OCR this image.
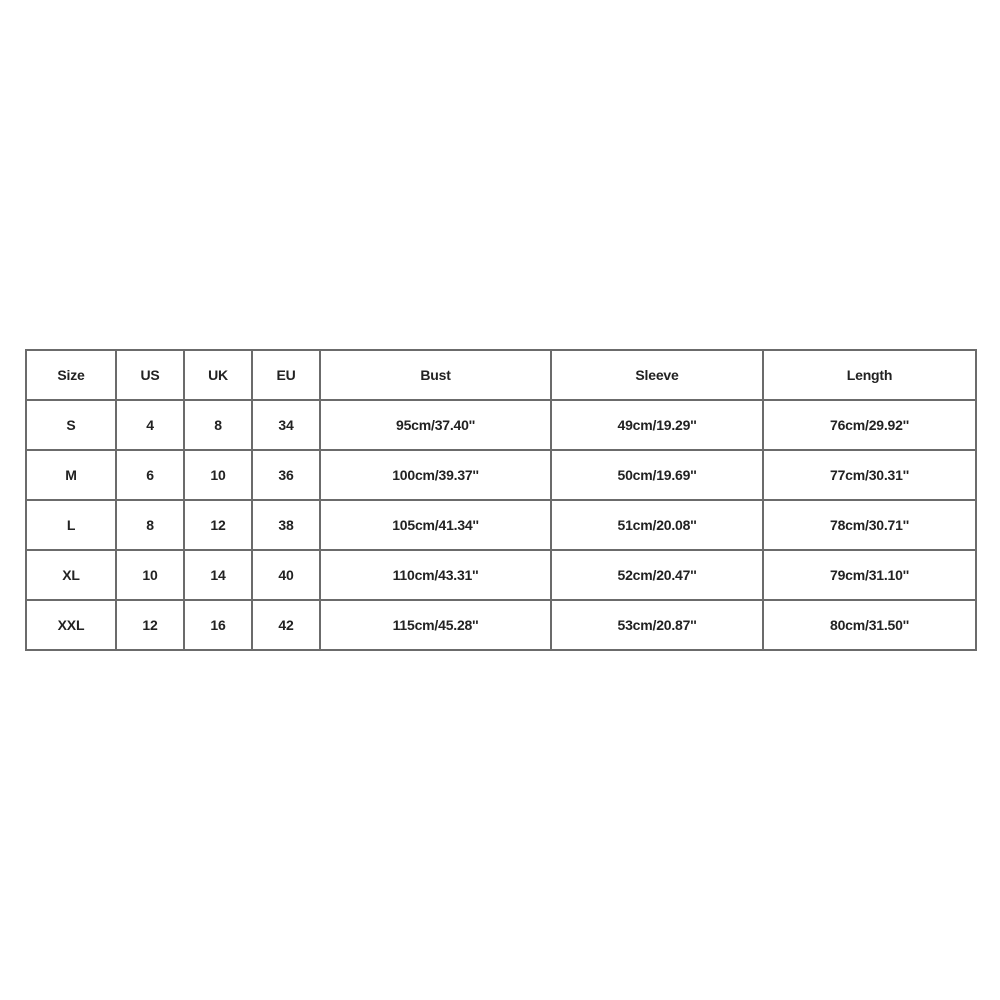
Size	US	UK	EU	Bust	Sleeve	Length
S	4	8	34	95cm/37.40''	49cm/19.29''	76cm/29.92''
M	6	10	36	100cm/39.37''	50cm/19.69''	77cm/30.31''
L	8	12	38	105cm/41.34''	51cm/20.08''	78cm/30.71''
XL	10	14	40	110cm/43.31''	52cm/20.47''	79cm/31.10''
XXL	12	16	42	115cm/45.28''	53cm/20.87''	80cm/31.50''
